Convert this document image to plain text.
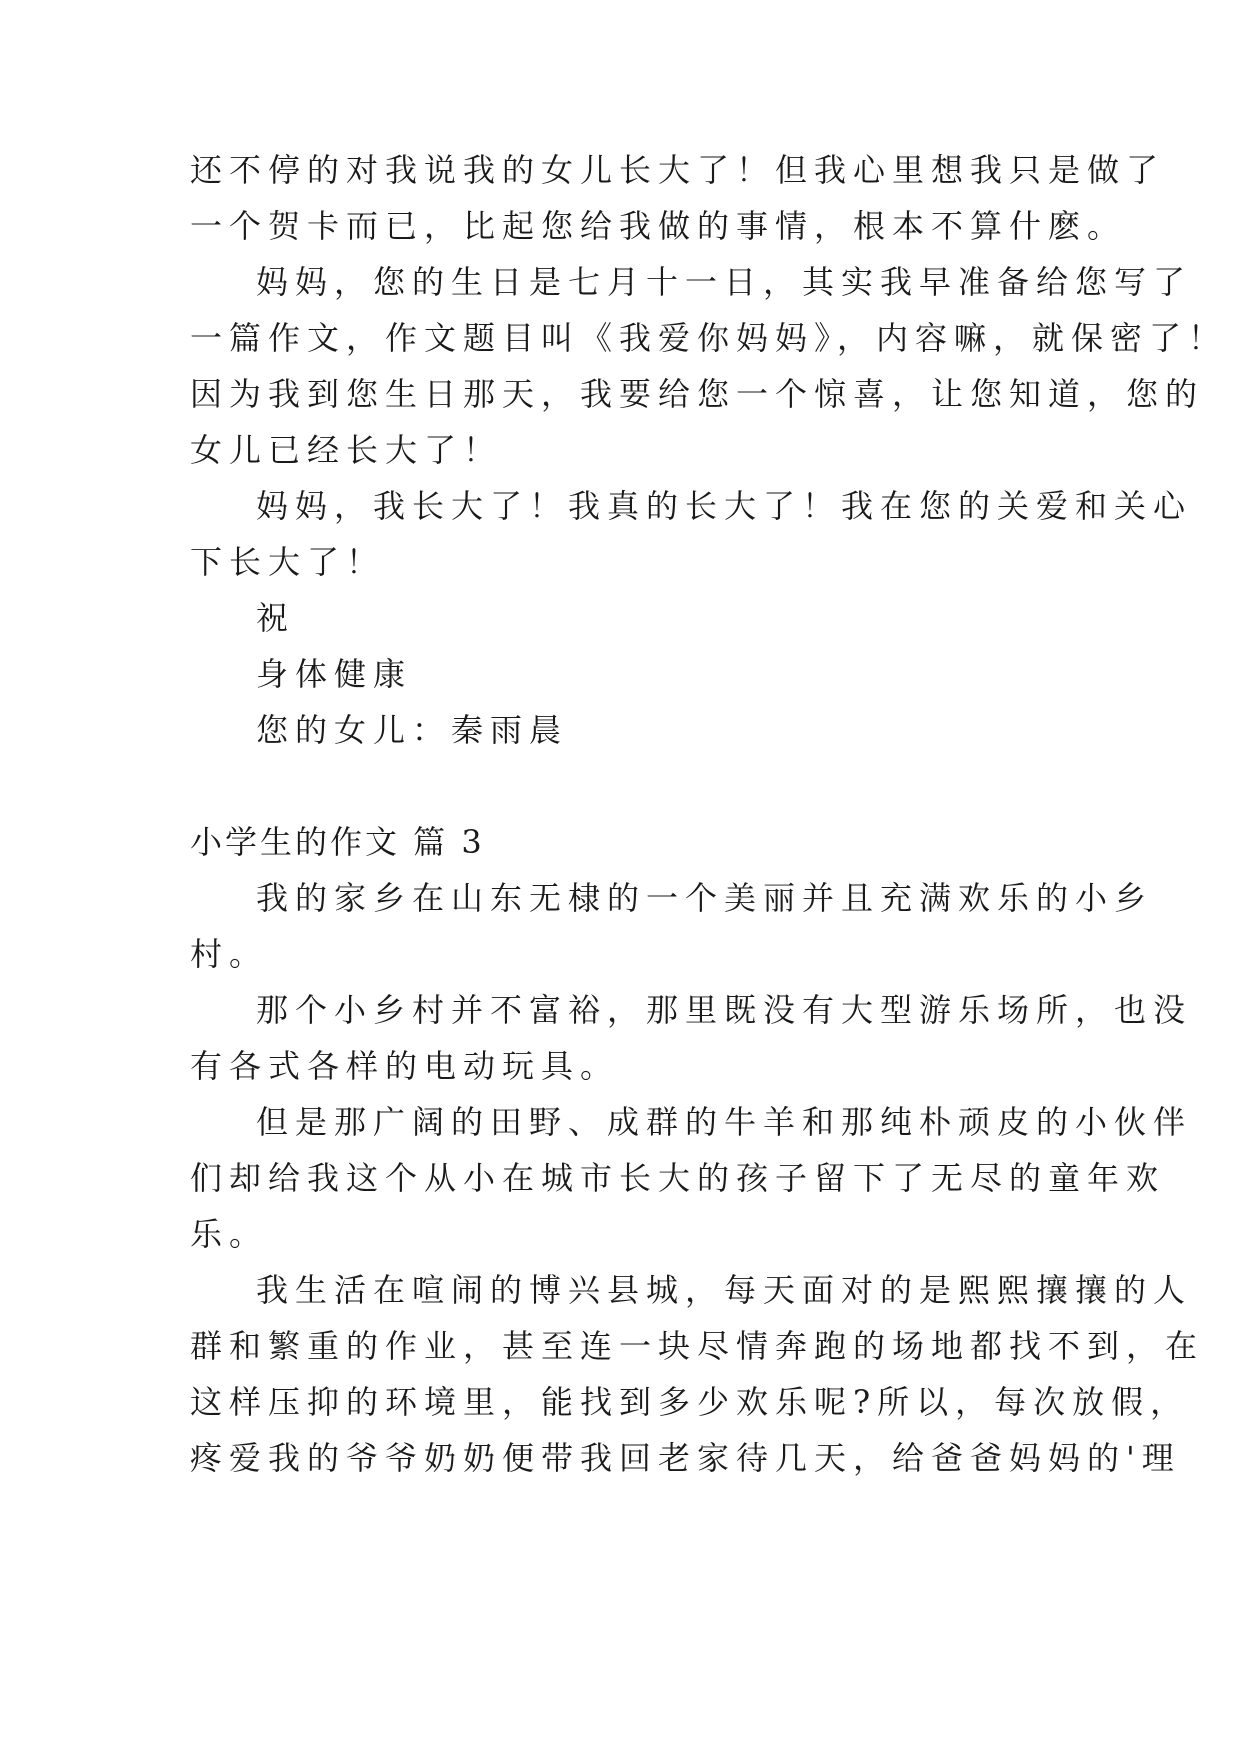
还不停的对我说我的女儿长大了！但我心里想我只是做了

一个贺卡而已，比起您给我做的事情，根本不算什麽。

妈妈，您的生日是七月十一日，其实我早准备给您写了

一篇作文，作文题目叫《我爱你妈妈》，内容嘛，就保密了！

因为我到您生日那天，我要给您一个惊喜，让您知道，您的

女儿已经长大了！

妈妈，我长大了！我真的长大了！我在您的关爱和关心

下长大了！

祝

身体健康

您的女儿：秦雨晨

小学生的作文 篇 3

我的家乡在山东无棣的一个美丽并且充满欢乐的小乡

村。

那个小乡村并不富裕，那里既没有大型游乐场所，也没

有各式各样的电动玩具。

但是那广阔的田野、成群的牛羊和那纯朴顽皮的小伙伴

们却给我这个从小在城市长大的孩子留下了无尽的童年欢

乐。

我生活在喧闹的博兴县城，每天面对的是熙熙攘攘的人

群和繁重的作业，甚至连一块尽情奔跑的场地都找不到，在

这样压抑的环境里，能找到多少欢乐呢?所以，每次放假，

疼爱我的爷爷奶奶便带我回老家待几天，给爸爸妈妈的'理
